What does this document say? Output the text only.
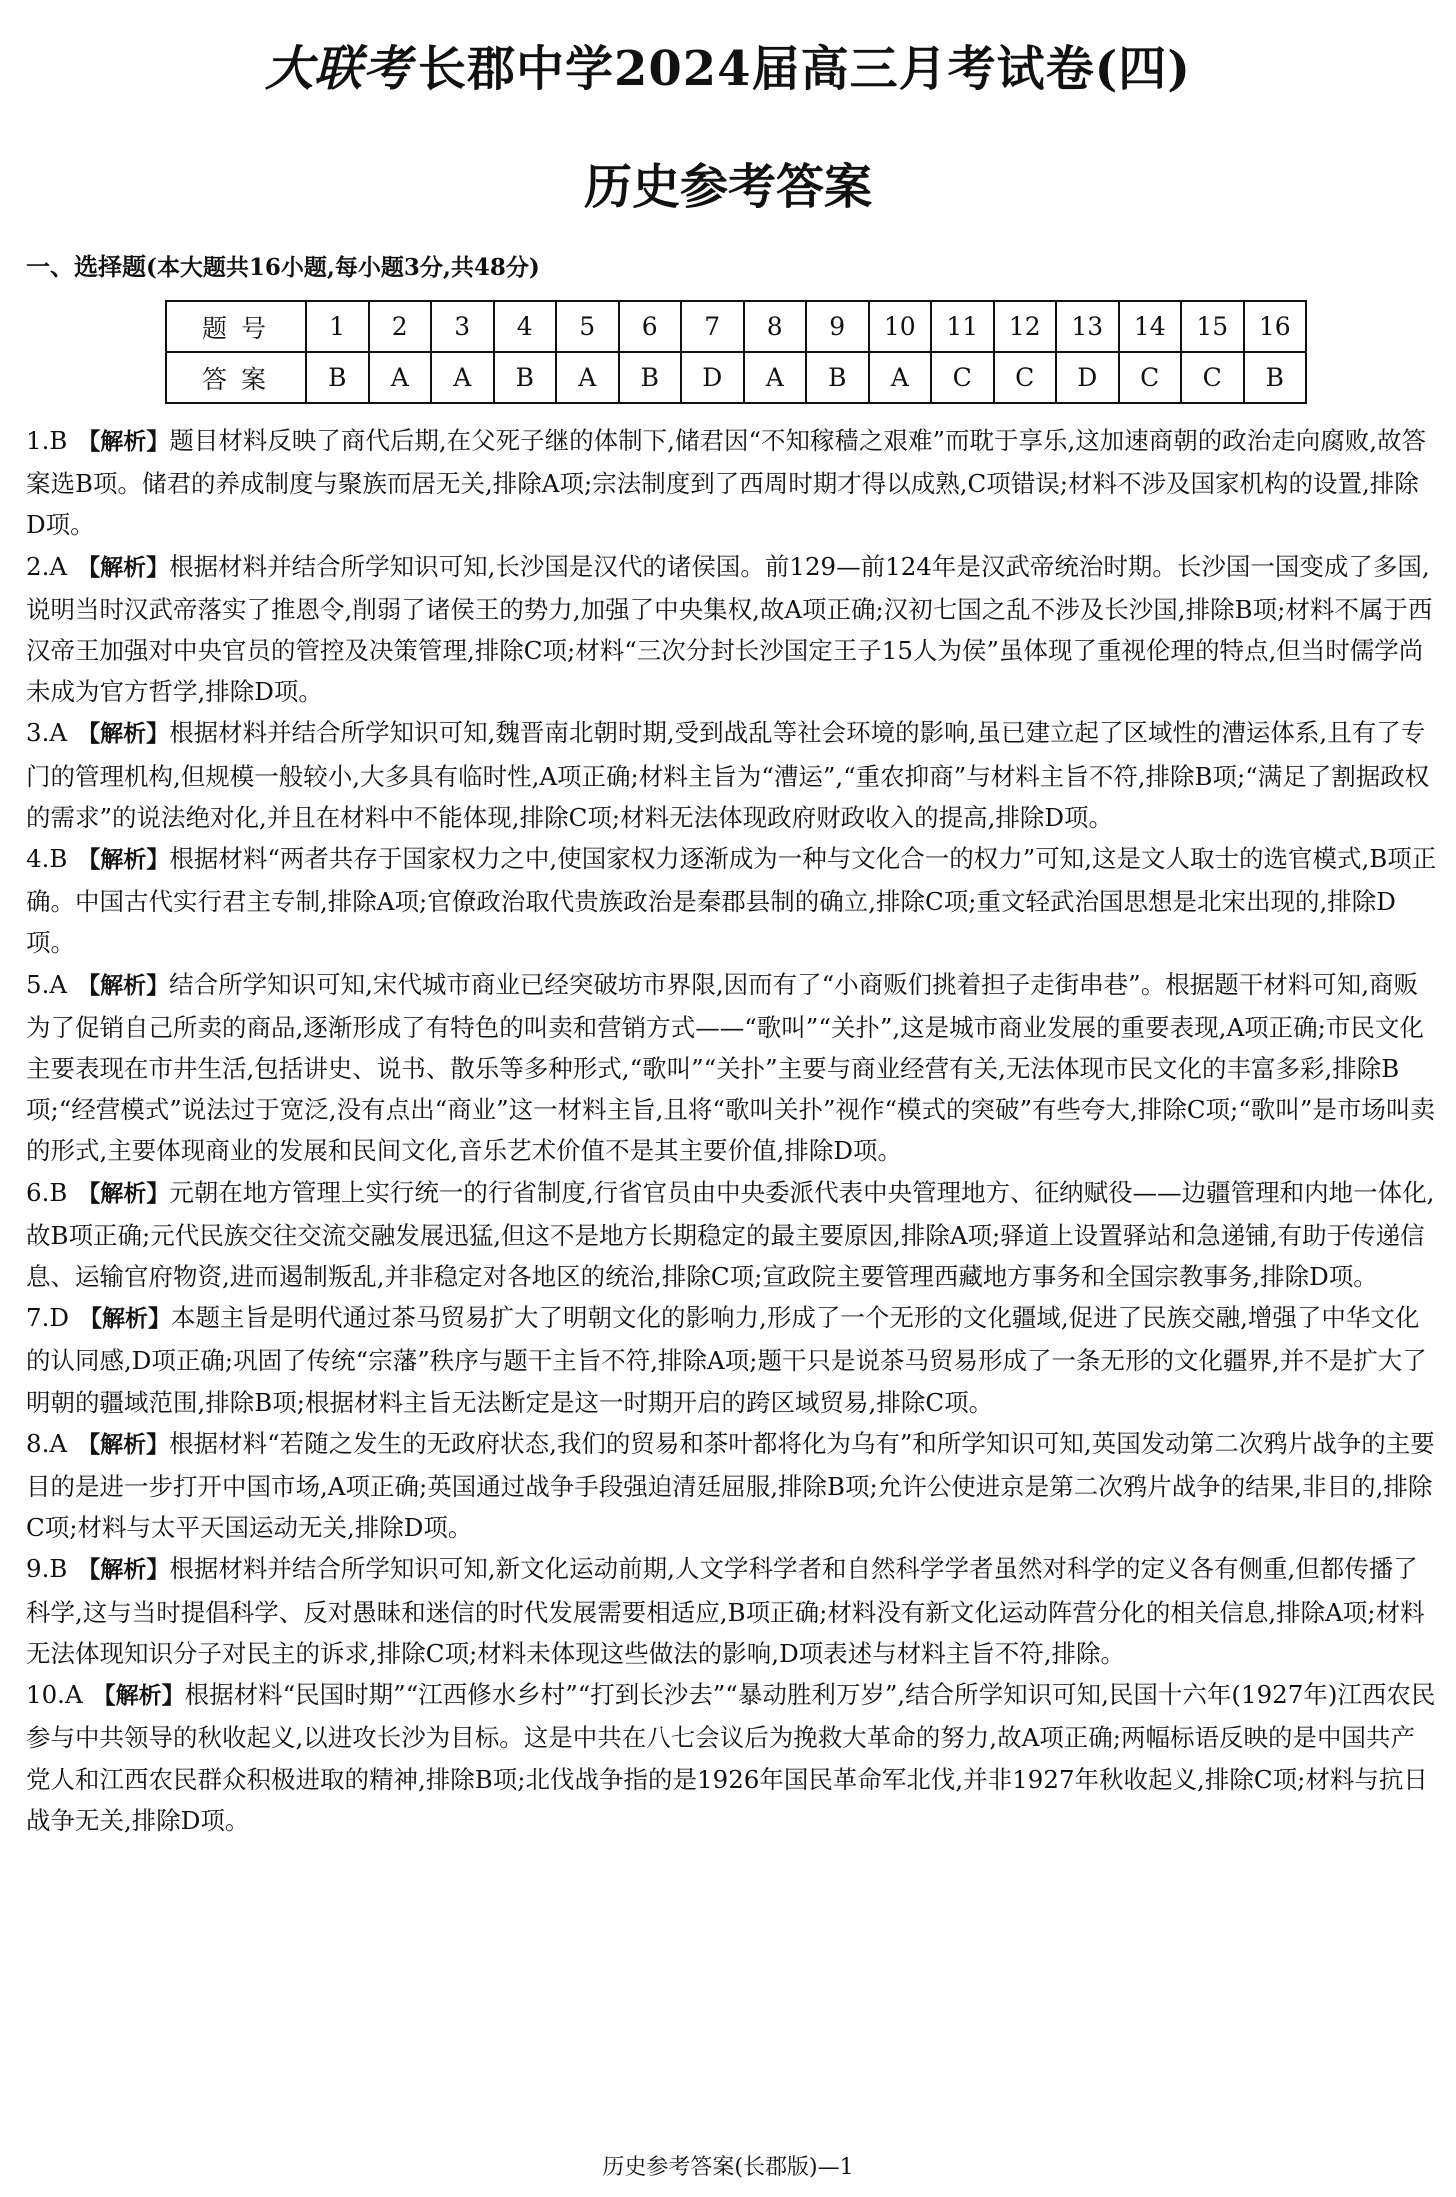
大联考 长郡中学2024届高三月考试卷(四)
历史参考答案
一、选择题(本大题共16小题,每小题3分,共48分)
题号	1	2	3	4	5	6	7	8	9	10	11	12	13	14	15	16
答案	B	A	A	B	A	B	D	A	B	A	C	C	D	C	C	B
1.B 【解析】题目材料反映了商代后期,在父死子继的体制下,储君因“不知稼穑之艰难”而耽于享乐,这加速商朝的政治走向腐败,故答案选B项。储君的养成制度与聚族而居无关,排除A项;宗法制度到了西周时期才得以成熟,C项错误;材料不涉及国家机构的设置,排除D项。
2.A 【解析】根据材料并结合所学知识可知,长沙国是汉代的诸侯国。前129—前124年是汉武帝统治时期。长沙国一国变成了多国,说明当时汉武帝落实了推恩令,削弱了诸侯王的势力,加强了中央集权,故A项正确;汉初七国之乱不涉及长沙国,排除B项;材料不属于西汉帝王加强对中央官员的管控及决策管理,排除C项;材料“三次分封长沙国定王子15人为侯”虽体现了重视伦理的特点,但当时儒学尚未成为官方哲学,排除D项。
3.A 【解析】根据材料并结合所学知识可知,魏晋南北朝时期,受到战乱等社会环境的影响,虽已建立起了区域性的漕运体系,且有了专门的管理机构,但规模一般较小,大多具有临时性,A项正确;材料主旨为“漕运”,“重农抑商”与材料主旨不符,排除B项;“满足了割据政权的需求”的说法绝对化,并且在材料中不能体现,排除C项;材料无法体现政府财政收入的提高,排除D项。
4.B 【解析】根据材料“两者共存于国家权力之中,使国家权力逐渐成为一种与文化合一的权力”可知,这是文人取士的选官模式,B项正确。中国古代实行君主专制,排除A项;官僚政治取代贵族政治是秦郡县制的确立,排除C项;重文轻武治国思想是北宋出现的,排除D项。
5.A 【解析】结合所学知识可知,宋代城市商业已经突破坊市界限,因而有了“小商贩们挑着担子走街串巷”。根据题干材料可知,商贩为了促销自己所卖的商品,逐渐形成了有特色的叫卖和营销方式——“歌叫”“关扑”,这是城市商业发展的重要表现,A项正确;市民文化主要表现在市井生活,包括讲史、说书、散乐等多种形式,“歌叫”“关扑”主要与商业经营有关,无法体现市民文化的丰富多彩,排除B项;“经营模式”说法过于宽泛,没有点出“商业”这一材料主旨,且将“歌叫关扑”视作“模式的突破”有些夸大,排除C项;“歌叫”是市场叫卖的形式,主要体现商业的发展和民间文化,音乐艺术价值不是其主要价值,排除D项。
6.B 【解析】元朝在地方管理上实行统一的行省制度,行省官员由中央委派代表中央管理地方、征纳赋役——边疆管理和内地一体化,故B项正确;元代民族交往交流交融发展迅猛,但这不是地方长期稳定的最主要原因,排除A项;驿道上设置驿站和急递铺,有助于传递信息、运输官府物资,进而遏制叛乱,并非稳定对各地区的统治,排除C项;宣政院主要管理西藏地方事务和全国宗教事务,排除D项。
7.D 【解析】本题主旨是明代通过茶马贸易扩大了明朝文化的影响力,形成了一个无形的文化疆域,促进了民族交融,增强了中华文化的认同感,D项正确;巩固了传统“宗藩”秩序与题干主旨不符,排除A项;题干只是说茶马贸易形成了一条无形的文化疆界,并不是扩大了明朝的疆域范围,排除B项;根据材料主旨无法断定是这一时期开启的跨区域贸易,排除C项。
8.A 【解析】根据材料“若随之发生的无政府状态,我们的贸易和茶叶都将化为乌有”和所学知识可知,英国发动第二次鸦片战争的主要目的是进一步打开中国市场,A项正确;英国通过战争手段强迫清廷屈服,排除B项;允许公使进京是第二次鸦片战争的结果,非目的,排除C项;材料与太平天国运动无关,排除D项。
9.B 【解析】根据材料并结合所学知识可知,新文化运动前期,人文学科学者和自然科学学者虽然对科学的定义各有侧重,但都传播了科学,这与当时提倡科学、反对愚昧和迷信的时代发展需要相适应,B项正确;材料没有新文化运动阵营分化的相关信息,排除A项;材料无法体现知识分子对民主的诉求,排除C项;材料未体现这些做法的影响,D项表述与材料主旨不符,排除。
10.A 【解析】根据材料“民国时期”“江西修水乡村”“打到长沙去”“暴动胜利万岁”,结合所学知识可知,民国十六年(1927年)江西农民参与中共领导的秋收起义,以进攻长沙为目标。这是中共在八七会议后为挽救大革命的努力,故A项正确;两幅标语反映的是中国共产党人和江西农民群众积极进取的精神,排除B项;北伐战争指的是1926年国民革命军北伐,并非1927年秋收起义,排除C项;材料与抗日战争无关,排除D项。
历史参考答案(长郡版)—1
